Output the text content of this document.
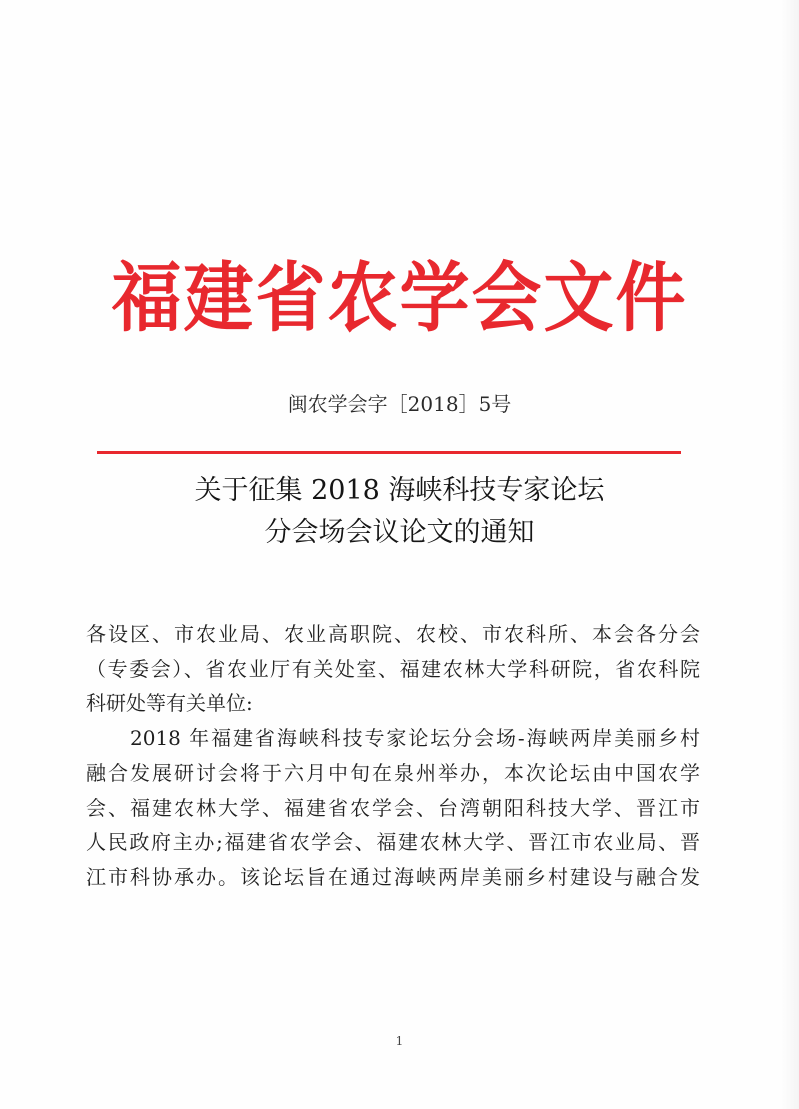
福建省农学会文件
闽农学会字［2018］5号
关于征集 2018 海峡科技专家论坛
分会场会议论文的通知
各设区、市农业局、农业高职院、农校、市农科所、本会各分会
（专委会）、省农业厅有关处室、福建农林大学科研院，省农科院
科研处等有关单位:
2018 年福建省海峡科技专家论坛分会场-海峡两岸美丽乡村
融合发展研讨会将于六月中旬在泉州举办，本次论坛由中国农学
会、福建农林大学、福建省农学会、台湾朝阳科技大学、晋江市
人民政府主办;福建省农学会、福建农林大学、晋江市农业局、晋
江市科协承办。该论坛旨在通过海峡两岸美丽乡村建设与融合发
1
